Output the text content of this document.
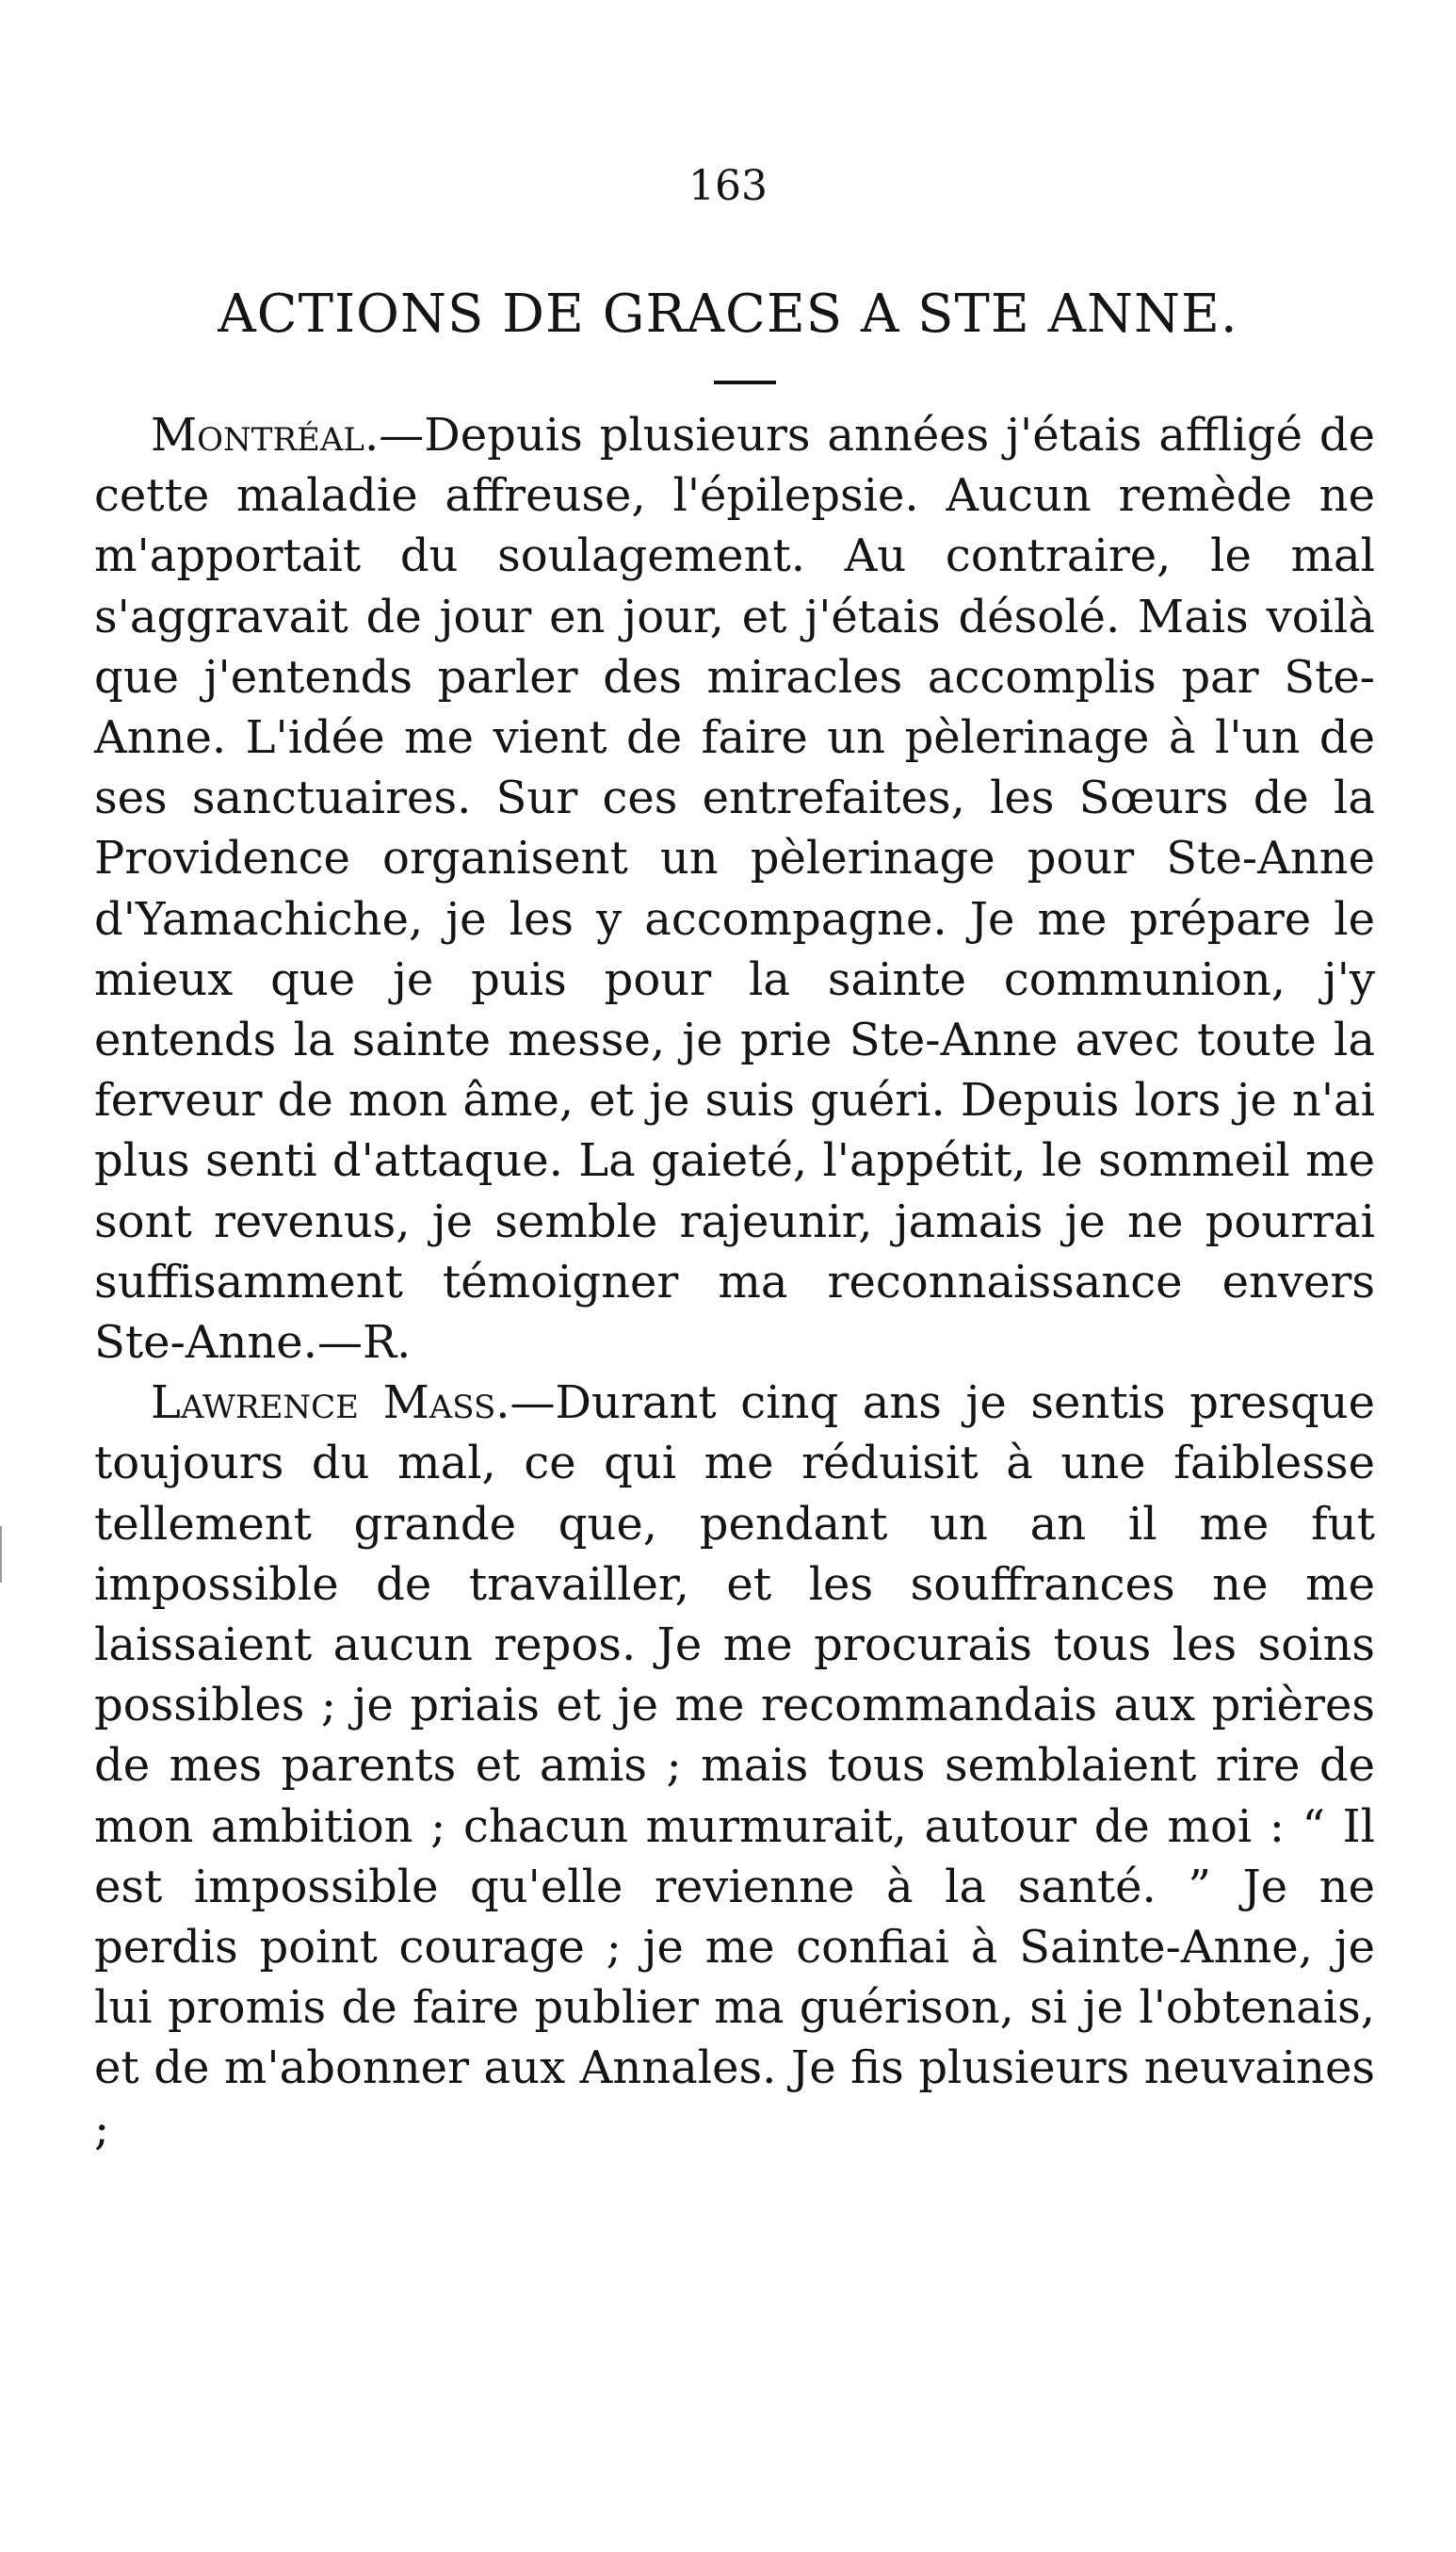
163
ACTIONS DE GRACES A STE ANNE.

Montréal.—Depuis plusieurs années j'étais affligé de cette maladie affreuse, l'épilepsie. Aucun remède ne m'apportait du soulagement. Au contraire, le mal s'aggravait de jour en jour, et j'étais désolé. Mais voilà que j'entends parler des miracles accomplis par Ste-Anne. L'idée me vient de faire un pèlerinage à l'un de ses sanctuaires. Sur ces entrefaites, les Sœurs de la Providence organisent un pèlerinage pour Ste-Anne d'Yamachiche, je les y accompagne. Je me prépare le mieux que je puis pour la sainte communion, j'y entends la sainte messe, je prie Ste-Anne avec toute la ferveur de mon âme, et je suis guéri. Depuis lors je n'ai plus senti d'attaque. La gaieté, l'appétit, le sommeil me sont revenus, je semble rajeunir, jamais je ne pourrai suffisamment témoigner ma reconnaissance envers Ste-Anne.—R.

Lawrence Mass.—Durant cinq ans je sentis presque toujours du mal, ce qui me réduisit à une faiblesse tellement grande que, pendant un an il me fut impossible de travailler, et les souffrances ne me laissaient aucun repos. Je me procurais tous les soins possibles ; je priais et je me recommandais aux prières de mes parents et amis ; mais tous semblaient rire de mon ambition ; chacun murmurait, autour de moi : “ Il est impossible qu'elle revienne à la santé. ” Je ne perdis point courage ; je me confiai à Sainte-Anne, je lui promis de faire publier ma guérison, si je l'obtenais, et de m'abonner aux Annales. Je fis plusieurs neuvaines ;
